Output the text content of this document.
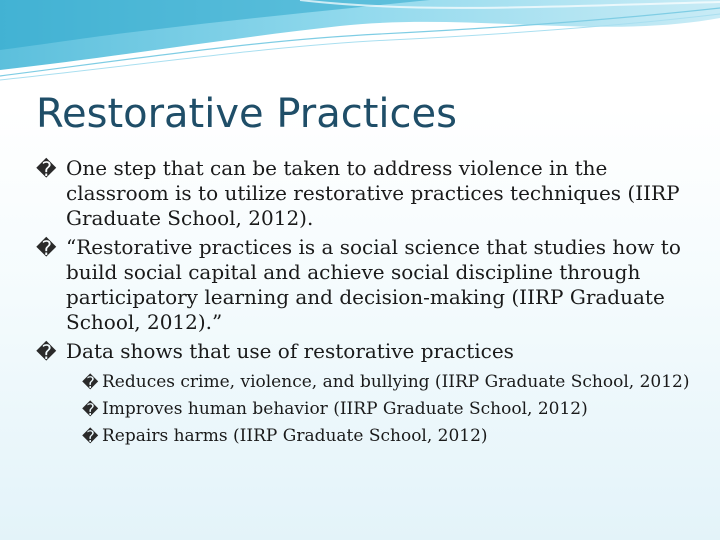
Restorative Practices
� One step that can be taken to address violence in the classroom is to utilize restorative practices techniques (IIRP Graduate School, 2012).
� “Restorative practices is a social science that studies how to build social capital and achieve social discipline through participatory learning and decision-making (IIRP Graduate School, 2012).”
� Data shows that use of restorative practices
� Reduces crime, violence, and bullying (IIRP Graduate School, 2012)
� Improves human behavior (IIRP Graduate School, 2012)
� Repairs harms (IIRP Graduate School, 2012)
